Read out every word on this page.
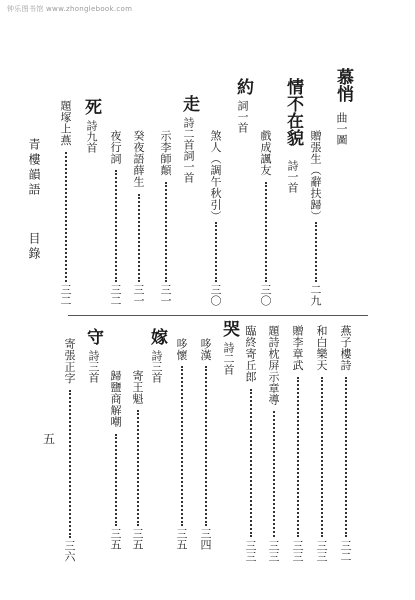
钟乐图书馆 www.zhonglebook.com
慕悄
曲一圖
贈張生（辭扶歸）
二九
情不在貌
詩一首
戲成諷友
三〇
約
詞一首
煞人（調午秋引）
三〇
走
詩二首詞一首
示李師顛
三一
癸夜語薛生
三一
夜行詞
三二
死
詩九首
題塚上燕
三二
青樓韻語
目錄
燕子樓詩
三二
和白樂天
三三
贈李章武
三三
題詩枕屏示章導
三三
臨終寄丘郎
三三
哭
詩二首
哆漢
三四
哆懷
三五
嫁
詩三首
寄王魁
三五
歸鹽商解嘲
三五
守
詩三首
寄張正字
三六
五
